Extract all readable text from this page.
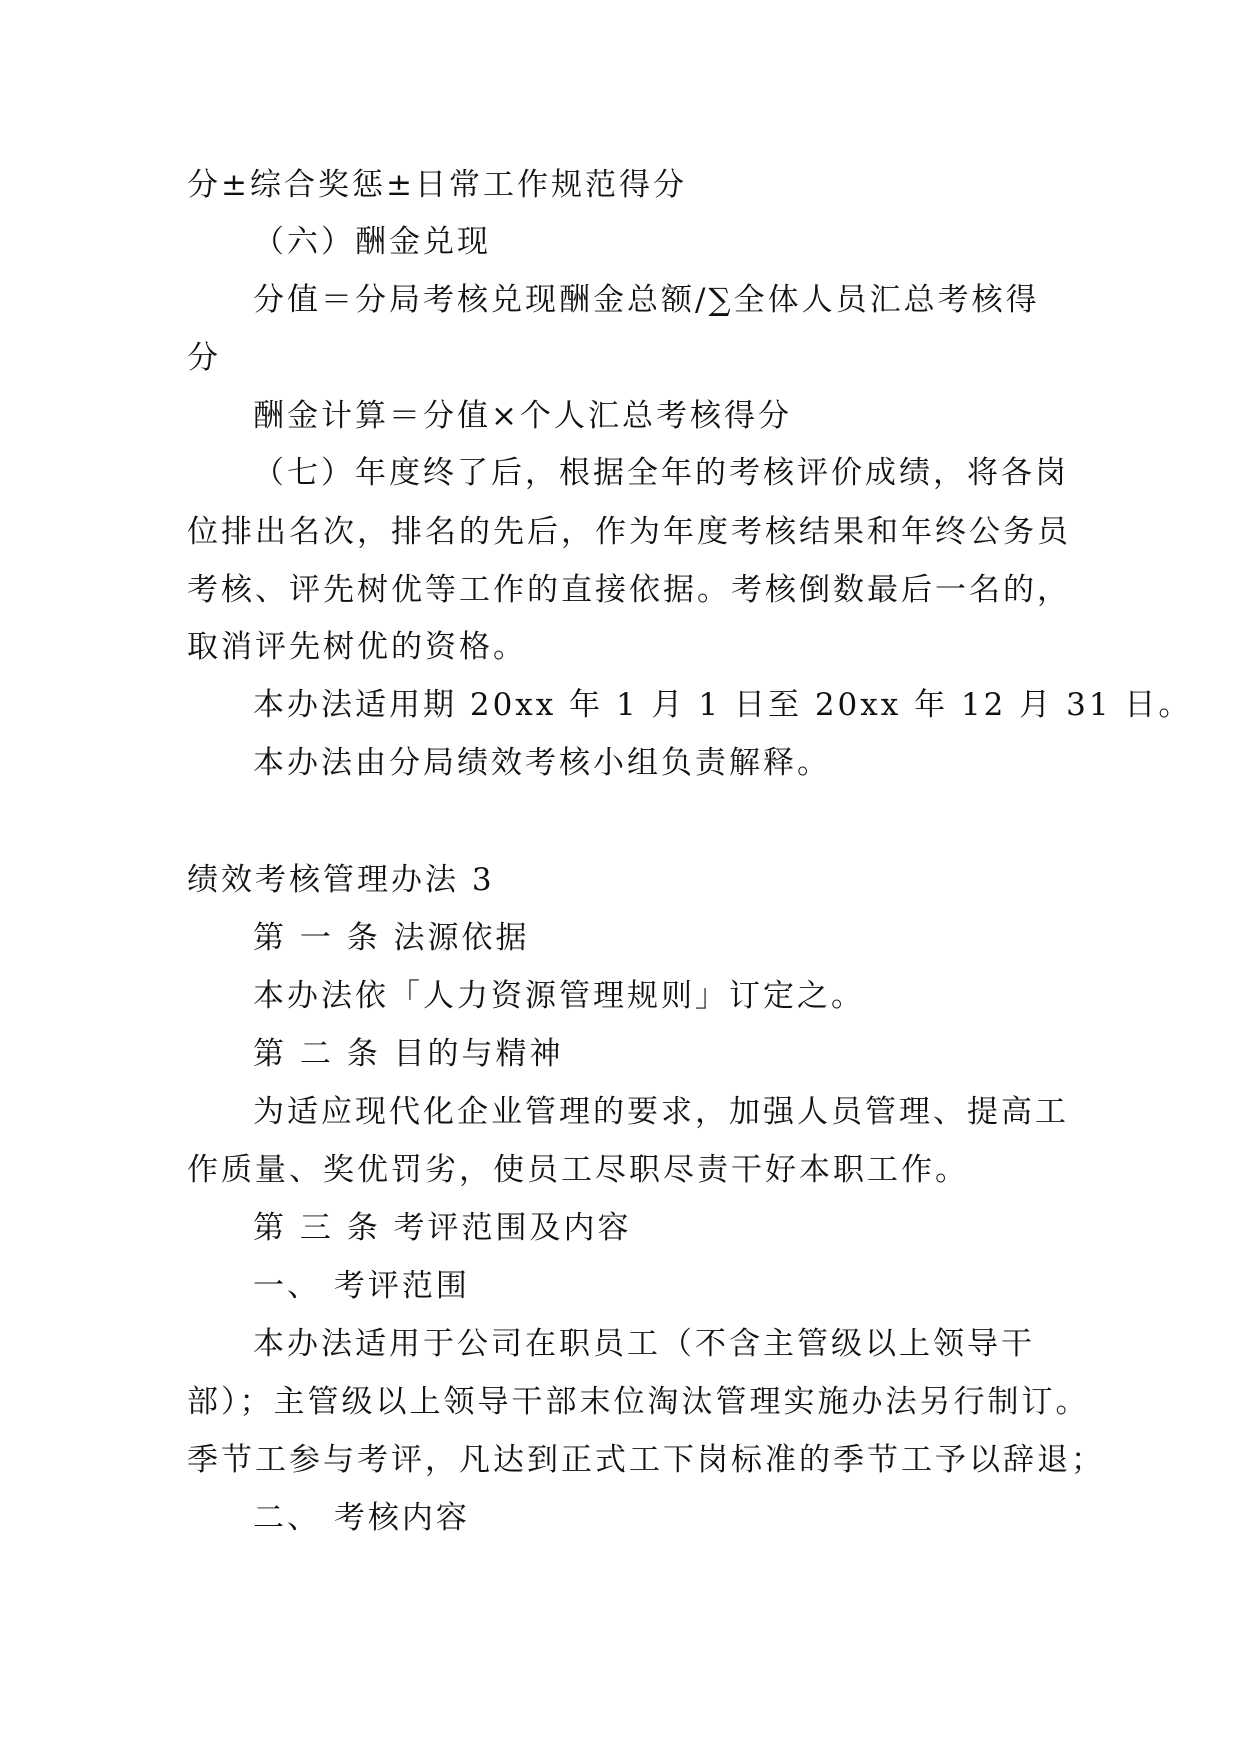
分±综合奖惩±日常工作规范得分
（六）酬金兑现
分值＝分局考核兑现酬金总额/∑全体人员汇总考核得
分
酬金计算＝分值×个人汇总考核得分
（七）年度终了后，根据全年的考核评价成绩，将各岗
位排出名次，排名的先后，作为年度考核结果和年终公务员
考核、评先树优等工作的直接依据。考核倒数最后一名的，
取消评先树优的资格。
本办法适用期 20xx 年 1 月 1 日至 20xx 年 12 月 31 日。
本办法由分局绩效考核小组负责解释。
绩效考核管理办法 3
第 一 条 法源依据
本办法依「人力资源管理规则」订定之。
第 二 条 目的与精神
为适应现代化企业管理的要求，加强人员管理、提高工
作质量、奖优罚劣，使员工尽职尽责干好本职工作。
第 三 条 考评范围及内容
一、 考评范围
本办法适用于公司在职员工（不含主管级以上领导干
部）；主管级以上领导干部末位淘汰管理实施办法另行制订。
季节工参与考评，凡达到正式工下岗标准的季节工予以辞退；
二、 考核内容
